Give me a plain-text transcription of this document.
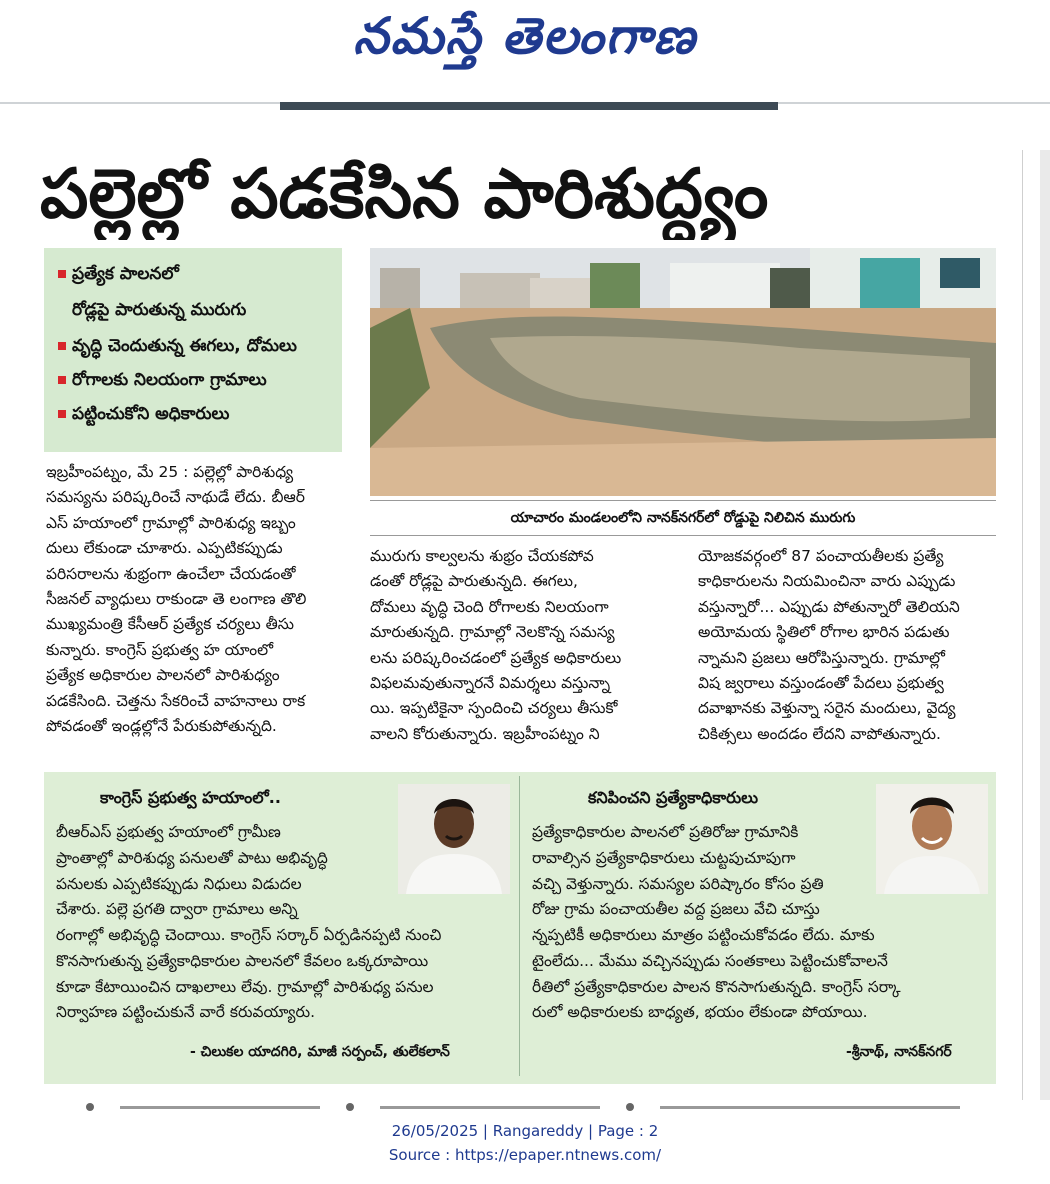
నమస్తే తెలంగాణ
పల్లెల్లో పడకేసిన పారిశుద్ధ్యం
ప్రత్యేక పాలనలో
రోడ్లపై పారుతున్న మురుగు
వృద్ధి చెందుతున్న ఈగలు, దోమలు
రోగాలకు నిలయంగా గ్రామాలు
పట్టించుకోని అధికారులు
యాచారం మండలంలోని నానక్‌నగర్‌లో రోడ్డుపై నిలిచిన మురుగు
ఇబ్రహీంపట్నం, మే 25 : పల్లెల్లో పారిశుధ్య
సమస్యను పరిష్కరించే నాథుడే లేదు. బీఆర్
ఎస్ హయాంలో గ్రామాల్లో పారిశుధ్య ఇబ్బం
దులు లేకుండా చూశారు. ఎప్పటికప్పుడు
పరిసరాలను శుభ్రంగా ఉంచేలా చేయడంతో
సీజనల్ వ్యాధులు రాకుండా తె లంగాణ తొలి
ముఖ్యమంత్రి కేసీఆర్ ప్రత్యేక చర్యలు తీసు
కున్నారు. కాంగ్రెస్ ప్రభుత్వ హ యాంలో
ప్రత్యేక అధికారుల పాలనలో పారిశుధ్యం
పడకేసింది. చెత్తను సేకరించే వాహనాలు రాక
పోవడంతో ఇండ్లల్లోనే పేరుకుపోతున్నది.
మురుగు కాల్వలను శుభ్రం చేయకపోవ
డంతో రోడ్లపై పారుతున్నది. ఈగలు,
దోమలు వృద్ధి చెంది రోగాలకు నిలయంగా
మారుతున్నది. గ్రామాల్లో నెలకొన్న సమస్య
లను పరిష్కరించడంలో ప్రత్యేక అధికారులు
విఫలమవుతున్నారనే విమర్శలు వస్తున్నా
యి. ఇప్పటికైనా స్పందించి చర్యలు తీసుకో
వాలని కోరుతున్నారు. ఇబ్రహీంపట్నం ని
యోజకవర్గంలో 87 పంచాయతీలకు ప్రత్యే
కాధికారులను నియమించినా వారు ఎప్పుడు
వస్తున్నారో... ఎప్పుడు పోతున్నారో తెలియని
అయోమయ స్థితిలో రోగాల భారిన పడుతు
న్నామని ప్రజలు ఆరోపిస్తున్నారు. గ్రామాల్లో
విష జ్వరాలు వస్తుండంతో పేదలు ప్రభుత్వ
దవాఖానకు వెళ్తున్నా సరైన మందులు, వైద్య
చికిత్సలు అందడం లేదని వాపోతున్నారు.
కాంగ్రెస్ ప్రభుత్వ హయాంలో..
బీఆర్ఎస్ ప్రభుత్వ హయాంలో గ్రామీణ
ప్రాంతాల్లో పారిశుధ్య పనులతో పాటు అభివృద్ధి
పనులకు ఎప్పటికప్పుడు నిధులు విడుదల
చేశారు. పల్లె ప్రగతి ద్వారా గ్రామాలు అన్ని
రంగాల్లో అభివృద్ధి చెందాయి. కాంగ్రెస్ సర్కార్ ఏర్పడినప్పటి నుంచి
కొనసాగుతున్న ప్రత్యేకాధికారుల పాలనలో కేవలం ఒక్కరూపాయి
కూడా కేటాయించిన దాఖలాలు లేవు. గ్రామాల్లో పారిశుధ్య పనుల
నిర్వాహణ పట్టించుకునే వారే కరువయ్యారు.
- చిలుకల యాదగిరి, మాజీ సర్పంచ్, తులేకలాన్
కనిపించని ప్రత్యేకాధికారులు
ప్రత్యేకాధికారుల పాలనలో ప్రతిరోజు గ్రామానికి
రావాల్సిన ప్రత్యేకాధికారులు చుట్టపుచూపుగా
వచ్చి వెళ్తున్నారు. సమస్యల పరిష్కారం కోసం ప్రతి
రోజు గ్రామ పంచాయతీల వద్ద ప్రజలు వేచి చూస్తు
న్నప్పటికీ అధికారులు మాత్రం పట్టించుకోవడం లేదు. మాకు
టైంలేదు... మేము వచ్చినప్పుడు సంతకాలు పెట్టించుకోవాలనే
రీతిలో ప్రత్యేకాధికారుల పాలన కొనసాగుతున్నది. కాంగ్రెస్ సర్కా
రులో అధికారులకు బాధ్యత, భయం లేకుండా పోయాయి.
-శ్రీనాథ్, నానక్‌నగర్
26/05/2025 | Rangareddy | Page : 2
Source : https://epaper.ntnews.com/
